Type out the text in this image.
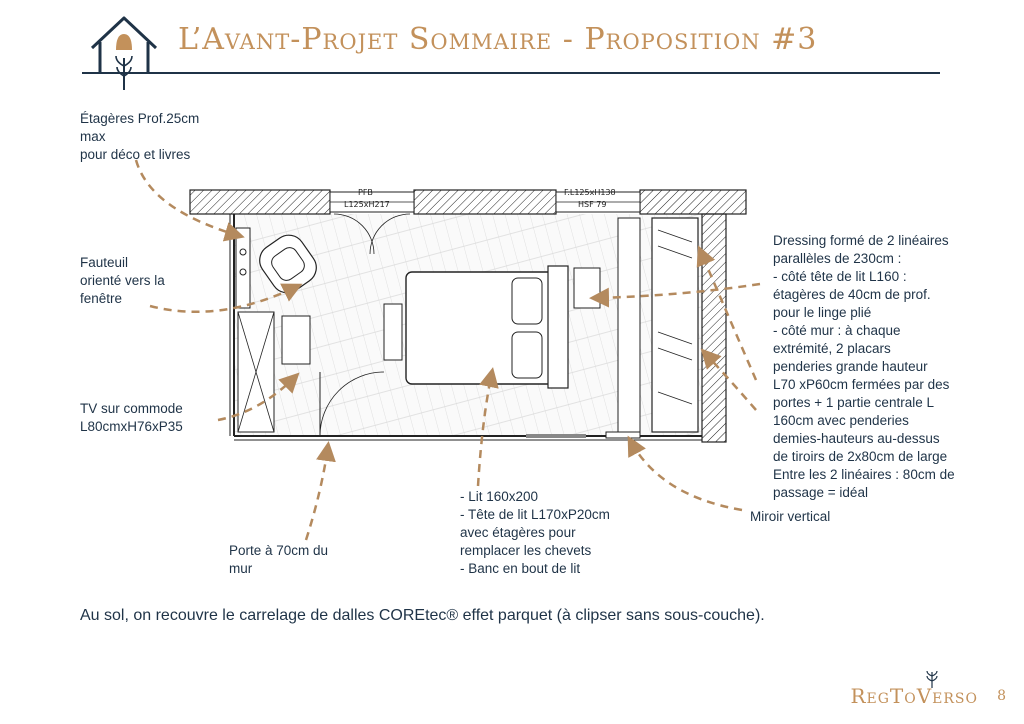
L’Avant-Projet Sommaire - Proposition #3
PFB
L125xH217
F.L125xH138
HSF 79
Étagères Prof.25cm
max
pour déco et livres
Fauteuil
orienté vers la
fenêtre
TV sur commode
L80cmxH76xP35
Porte à 70cm du
mur
- Lit 160x200
- Tête de lit L170xP20cm
avec étagères pour
remplacer les chevets
- Banc en bout de lit
Miroir vertical
Dressing formé de 2 linéaires
parallèles de 230cm :
- côté tête de lit L160 :
étagères de 40cm de prof.
pour le linge plié
- côté mur : à chaque
extrémité, 2 placars
penderies grande hauteur
L70 xP60cm fermées par des
portes + 1 partie centrale L
160cm avec penderies
demies-hauteurs au-dessus
de tiroirs de 2x80cm de large
Entre les 2 linéaires : 80cm de
passage = idéal
Au sol, on recouvre le carrelage de dalles COREtec® effet parquet (à clipser sans sous-couche).
RegToVerso 8
